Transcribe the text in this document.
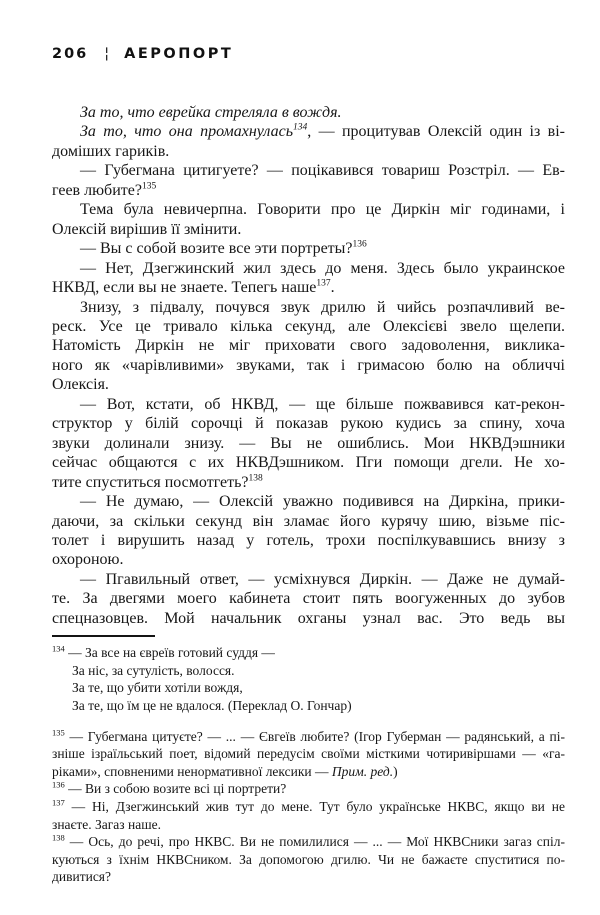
206 ¦ АЕРОПОРТ
За то, что еврейка стреляла в вождя.
За то, что она промахнулась$^{134}$, — процитував Олексій один із ві-
доміших гариків.
— Губегмана цитигуете? — поцікавився товариш Розстріл. — Ев-
геев любите?$^{135}$
Тема була невичерпна. Говорити про це Диркін міг годинами, і
Олексій вирішив її змінити.
— Вы с собой возите все эти портреты?$^{136}$
— Нет, Дзегжинский жил здесь до меня. Здесь было украинское
НКВД, если вы не знаете. Тепегь наше$^{137}$.
Знизу, з підвалу, почувся звук дрилю й чийсь розпачливий ве-
реск. Усе це тривало кілька секунд, але Олексієві звело щелепи.
Натомість Диркін не міг приховати свого задоволення, виклика-
ного як «чарівливими» звуками, так і гримасою болю на обличчі
Олексія.
— Вот, кстати, об НКВД, — ще більше пожвавився кат-рекон-
структор у білій сорочці й показав рукою кудись за спину, хоча
звуки долинали знизу. — Вы не ошиблись. Мои НКВДэшники
сейчас общаются с их НКВДэшником. Пги помощи дгели. Не хо-
тите спуститься посмотгеть?$^{138}$
— Не думаю, — Олексій уважно подивився на Диркіна, прики-
даючи, за скільки секунд він зламає його курячу шию, візьме піс-
толет і вирушить назад у готель, трохи поспілкувавшись внизу з
охороною.
— Пгавильный ответ, — усміхнувся Диркін. — Даже не думай-
те. За двегями моего кабинета стоит пять воогуженных до зубов
спецназовцев. Мой начальник охганы узнал вас. Это ведь вы
$^{134}$ — За все на євреїв готовий суддя —
За ніс, за сутулість, волосся.
За те, що убити хотіли вождя,
За те, що їм це не вдалося. (Переклад О. Гончар)
$^{135}$ — Губегмана цитуєте? — ... — Євгеїв любите? (Ігор Губерман — радянський, а пі-
зніше ізраїльський поет, відомий передусім своїми місткими чотиривіршами — «га-
ріками», сповненими ненормативної лексики — Прим. ред.)
$^{136}$ — Ви з собою возите всі ці портрети?
$^{137}$ — Ні, Дзегжинський жив тут до мене. Тут було українське НКВС, якщо ви не
знаєте. Загаз наше.
$^{138}$ — Ось, до речі, про НКВС. Ви не помилилися — ... — Мої НКВСники загаз спіл-
куються з їхнім НКВСником. За допомогою дгилю. Чи не бажаєте спуститися по-
дивитися?
